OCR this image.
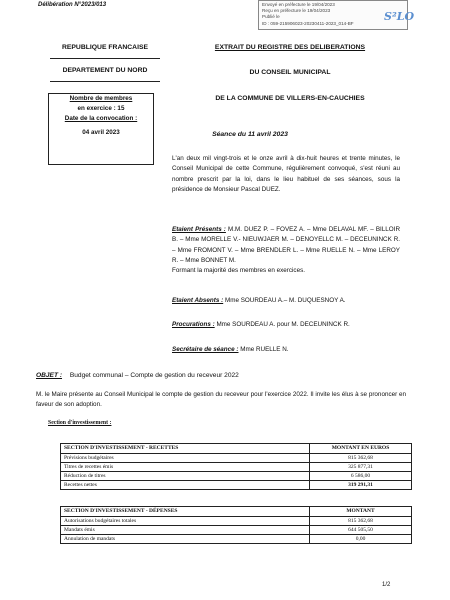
Délibération N°2023/013	Envoyé en préfecture le 19/04/2023
Reçu en préfecture le 19/04/2023
Publié le
ID : 059-215906023-20230411-2023_014-BF
S²LO
REPUBLIQUE FRANCAISE
DEPARTEMENT DU NORD
EXTRAIT DU REGISTRE DES DELIBERATIONS
DU CONSEIL MUNICIPAL
DE LA COMMUNE DE VILLERS-EN-CAUCHIES
Nombre de membres
en exercice : 15
Date de la convocation :
04 avril 2023	Séance du 11 avril 2023
L'an deux mil vingt-trois et le onze avril à dix-huit heures et trente minutes, le Conseil Municipal de cette Commune, régulièrement convoqué, s'est réuni au nombre prescrit par la loi, dans le lieu habituel de ses séances, sous la présidence de Monsieur Pascal DUEZ.
Etaient Présents : M.M. DUEZ P. – FOVEZ A. – Mme DELAVAL MF. – BILLOIR B. – Mme MORELLE V.- NIEUWJAER M. – DENOYELLC M. – DECEUNINCK R. – Mme FROMONT V. – Mme BRENDLER L. – Mme RUELLE N. – Mme LEROY R. – Mme BONNET M.
Formant la majorité des membres en exercices.
Etaient Absents : Mme SOURDEAU A.– M. DUQUESNOY A.
Procurations : Mme SOURDEAU A. pour M. DECEUNINCK R.
Secrétaire de séance : Mme RUELLE N.
OBJET : Budget communal – Compte de gestion du receveur 2022
M. le Maire présente au Conseil Municipal le compte de gestion du receveur pour l'exercice 2022. Il invite les élus à se prononcer en faveur de son adoption.
Section d'investissement :
SECTION D'INVESTISSEMENT - RECETTES	MONTANT EN EUROS
Prévisions budgétaires	815 362,68
Titres de recettes émis	325 877,31
Réduction de titres	6 586,00
Recettes nettes	319 291,31
SECTION D'INVESTISSEMENT - DÉPENSES	MONTANT
Autorisations budgétaires totales	815 362,68
Mandats émis	644 505,50
Annulation de mandats	0,00
1/2
